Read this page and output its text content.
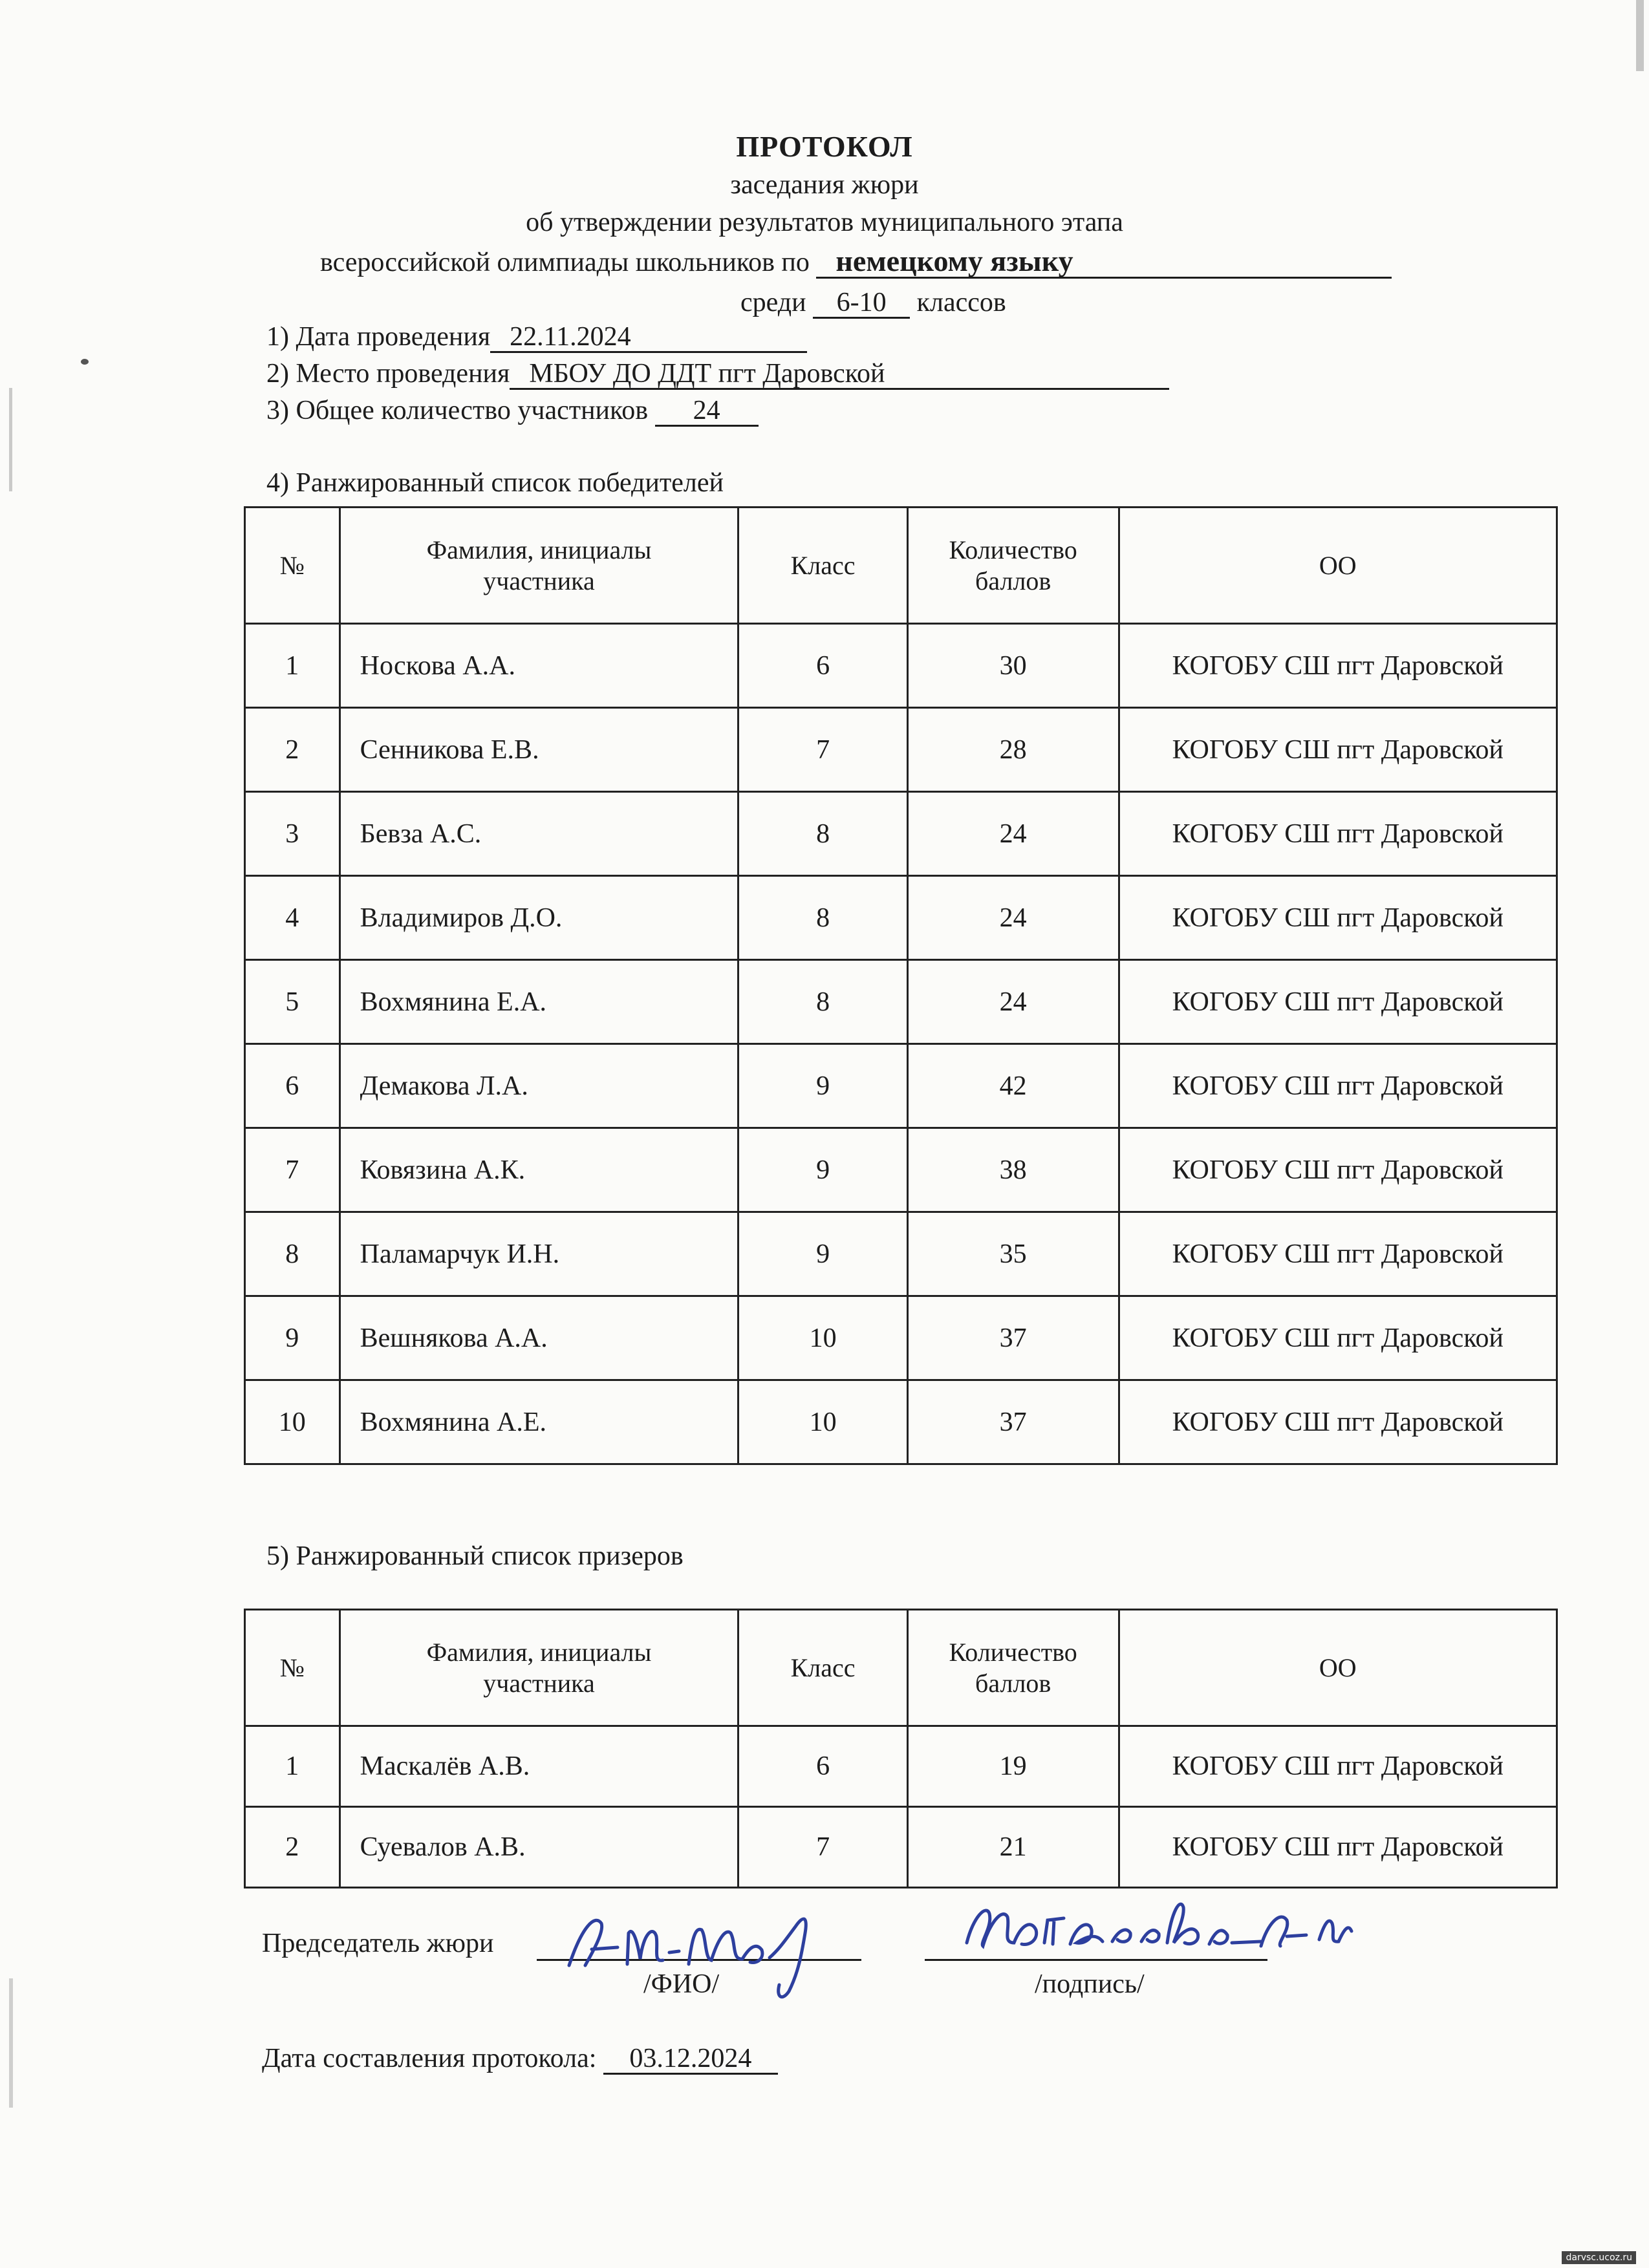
ПРОТОКОЛ
заседания жюри
об утверждении результатов муниципального этапа
всероссийской олимпиады школьников по немецкому языку
среди 6-10 классов
1) Дата проведения 22.11.2024
2) Место проведения МБОУ ДО ДДТ пгт Даровской
3) Общее количество участников 24
4) Ранжированный список победителей
№	Фамилия, инициалы участника	Класс	Количество баллов	ОО
1	Носкова А.А.	6	30	КОГОБУ СШ пгт Даровской
2	Сенникова Е.В.	7	28	КОГОБУ СШ пгт Даровской
3	Бевза А.С.	8	24	КОГОБУ СШ пгт Даровской
4	Владимиров Д.О.	8	24	КОГОБУ СШ пгт Даровской
5	Вохмянина Е.А.	8	24	КОГОБУ СШ пгт Даровской
6	Демакова Л.А.	9	42	КОГОБУ СШ пгт Даровской
7	Ковязина А.К.	9	38	КОГОБУ СШ пгт Даровской
8	Паламарчук И.Н.	9	35	КОГОБУ СШ пгт Даровской
9	Вешнякова А.А.	10	37	КОГОБУ СШ пгт Даровской
10	Вохмянина А.Е.	10	37	КОГОБУ СШ пгт Даровской
5) Ранжированный список призеров
№	Фамилия, инициалы участника	Класс	Количество баллов	ОО
1	Маскалёв А.В.	6	19	КОГОБУ СШ пгт Даровской
2	Суевалов А.В.	7	21	КОГОБУ СШ пгт Даровской
Председатель жюри
/ФИО/	/подпись/
Дата составления протокола: 03.12.2024
darvsc.ucoz.ru
